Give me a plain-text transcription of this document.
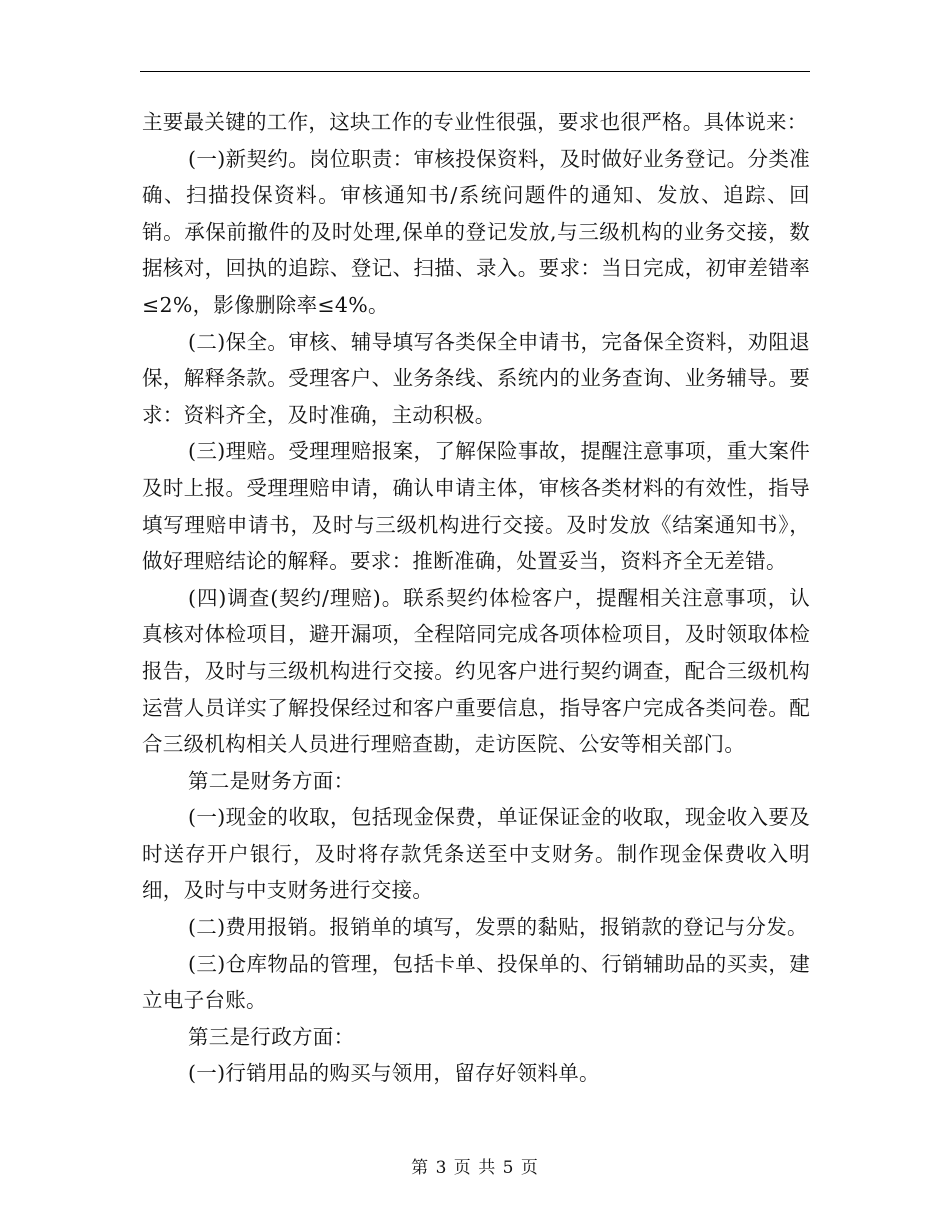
主要最关键的工作，这块工作的专业性很强，要求也很严格。具体说来：

(一)新契约。岗位职责：审核投保资料，及时做好业务登记。分类准确、扫描投保资料。审核通知书/系统问题件的通知、发放、追踪、回销。承保前撤件的及时处理,保单的登记发放,与三级机构的业务交接，数据核对，回执的追踪、登记、扫描、录入。要求：当日完成，初审差错率≤2%，影像删除率≤4%。

(二)保全。审核、辅导填写各类保全申请书，完备保全资料，劝阻退保，解释条款。受理客户、业务条线、系统内的业务查询、业务辅导。要求：资料齐全，及时准确，主动积极。

(三)理赔。受理理赔报案，了解保险事故，提醒注意事项，重大案件及时上报。受理理赔申请，确认申请主体，审核各类材料的有效性，指导填写理赔申请书，及时与三级机构进行交接。及时发放《结案通知书》，做好理赔结论的解释。要求：推断准确，处置妥当，资料齐全无差错。

(四)调查(契约/理赔)。联系契约体检客户，提醒相关注意事项，认真核对体检项目，避开漏项，全程陪同完成各项体检项目，及时领取体检报告，及时与三级机构进行交接。约见客户进行契约调查，配合三级机构运营人员详实了解投保经过和客户重要信息，指导客户完成各类问卷。配合三级机构相关人员进行理赔查勘，走访医院、公安等相关部门。

第二是财务方面：

(一)现金的收取，包括现金保费，单证保证金的收取，现金收入要及时送存开户银行，及时将存款凭条送至中支财务。制作现金保费收入明细，及时与中支财务进行交接。

(二)费用报销。报销单的填写，发票的黏贴，报销款的登记与分发。

(三)仓库物品的管理，包括卡单、投保单的、行销辅助品的买卖，建立电子台账。

第三是行政方面：

(一)行销用品的购买与领用，留存好领料单。

第 3 页 共 5 页
